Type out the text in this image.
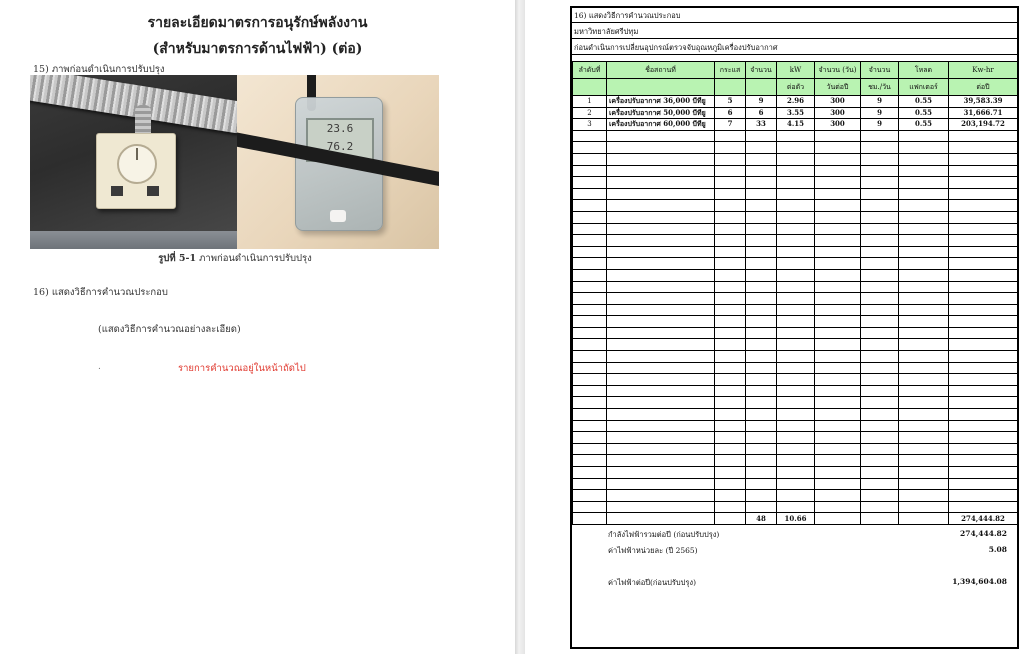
รายละเอียดมาตรการอนุรักษ์พลังงาน
(สำหรับมาตรการด้านไฟฟ้า) (ต่อ)
15) ภาพก่อนดำเนินการปรับปรุง
23.6
76.2
รูปที่ 5-1 ภาพก่อนดำเนินการปรับปรุง
16) แสดงวิธีการคำนวณประกอบ
(แสดงวิธีการคำนวณอย่างละเอียด)
.	รายการคำนวณอยู่ในหน้าถัดไป
16) แสดงวิธีการคำนวณประกอบ
มหาวิทยาลัยศรีปทุม
ก่อนดำเนินการเปลี่ยนอุปกรณ์ตรวจจับอุณหภูมิเครื่องปรับอากาศ
ลำดับที่	ชื่อสถานที่	กระแส	จำนวน	kW	จำนวน (วัน)	จำนวน	โหลด	Kw-hr
				ต่อตัว	วันต่อปี	ชม./วัน	แฟกเตอร์	ต่อปี
1	เครื่องปรับอากาศ 36,000 บีทียู	5	9	2.96	300	9	0.55	39,583.39
2	เครื่องปรับอากาศ 50,000 บีทียู	6	6	3.55	300	9	0.55	31,666.71
3	เครื่องปรับอากาศ 60,000 บีทียู	7	33	4.15	300	9	0.55	203,194.72

			48	10.66				274,444.82
กำลังไฟฟ้ารวมต่อปี (ก่อนปรับปรุง)	274,444.82
ค่าไฟฟ้าหน่วยละ (ปี 2565)	5.08
ค่าไฟฟ้าต่อปี(ก่อนปรับปรุง)	1,394,604.08
